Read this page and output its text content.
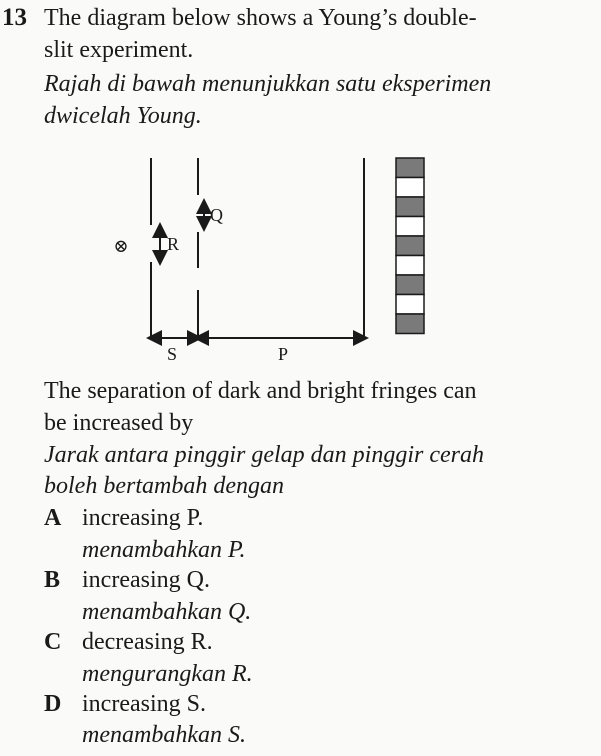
13 The diagram below shows a Young’s double-
slit experiment.
Rajah di bawah menunjukkan satu eksperimen
dwicelah Young.
⊗ R
Q
S	P
The separation of dark and bright fringes can
be increased by
Jarak antara pinggir gelap dan pinggir cerah
boleh bertambah dengan
A increasing P.
menambahkan P.
B increasing Q.
menambahkan Q.
C decreasing R.
mengurangkan R.
D increasing S.
menambahkan S.
